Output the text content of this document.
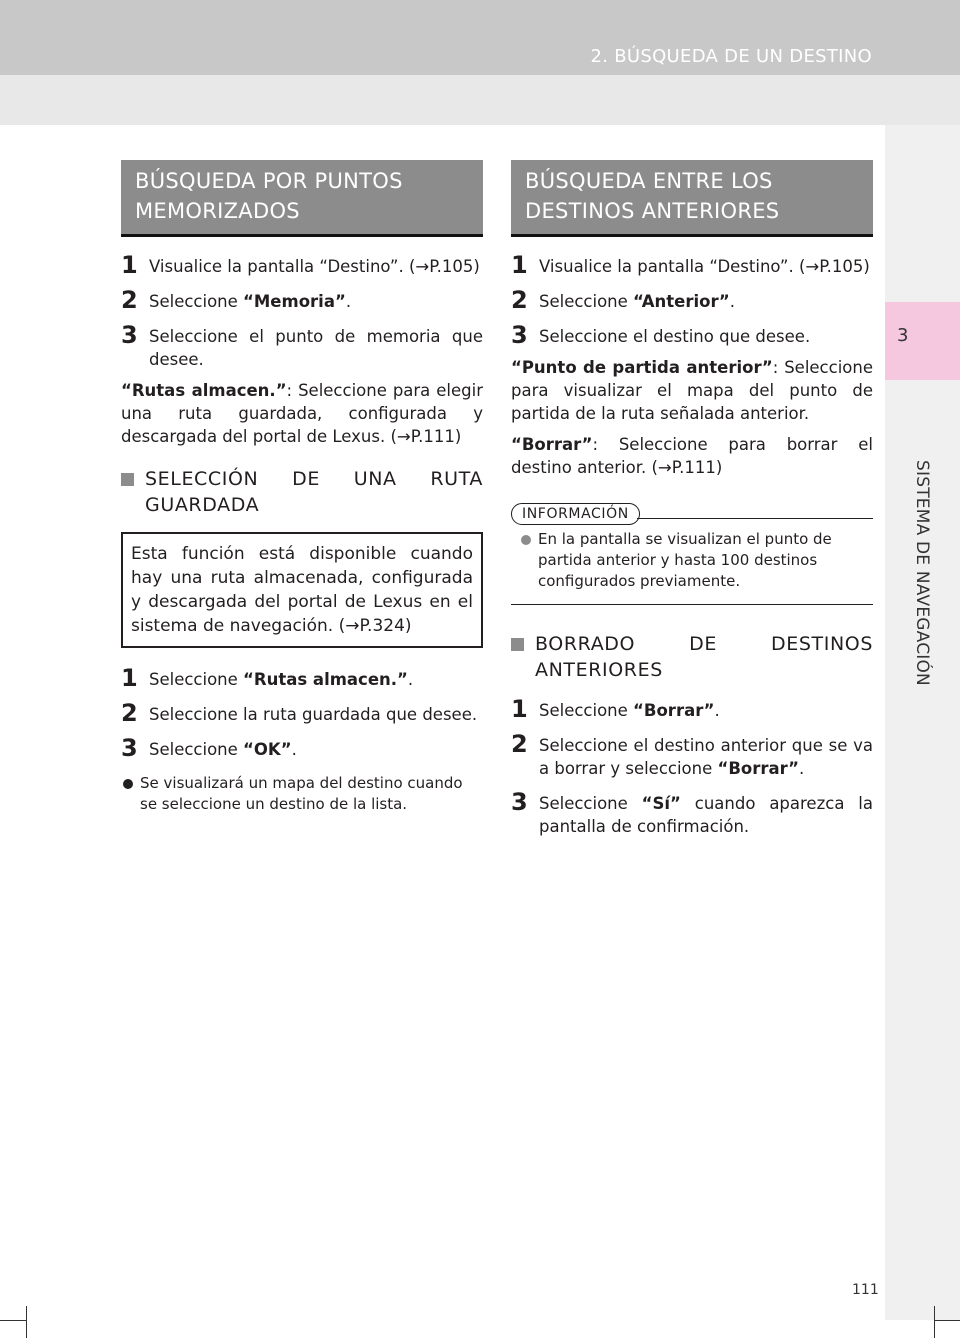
2. BÚSQUEDA DE UN DESTINO
3
SISTEMA DE NAVEGACIÓN
111
BÚSQUEDA POR PUNTOS
MEMORIZADOS
1 Visualice la pantalla “Destino”. (→P.105)
2 Seleccione “Memoria”.
3 Seleccione el punto de memoria que desee.
“Rutas almacen.”: Seleccione para elegir una ruta guardada, configurada y descargada del portal de Lexus. (→P.111)
SELECCIÓN DE UNA RUTA GUARDADA
Esta función está disponible cuando hay una ruta almacenada, configurada y descargada del portal de Lexus en el sistema de navegación. (→P.324)
1 Seleccione “Rutas almacen.”.
2 Seleccione la ruta guardada que desee.
3 Seleccione “OK”.
Se visualizará un mapa del destino cuando se seleccione un destino de la lista.
BÚSQUEDA ENTRE LOS
DESTINOS ANTERIORES
1 Visualice la pantalla “Destino”. (→P.105)
2 Seleccione “Anterior”.
3 Seleccione el destino que desee.
“Punto de partida anterior”: Seleccione para visualizar el mapa del punto de partida de la ruta señalada anterior.
“Borrar”: Seleccione para borrar el destino anterior. (→P.111)
INFORMACIÓN
En la pantalla se visualizan el punto de partida anterior y hasta 100 destinos configurados previamente.
BORRADO DE DESTINOS ANTERIORES
1 Seleccione “Borrar”.
2 Seleccione el destino anterior que se va a borrar y seleccione “Borrar”.
3 Seleccione “Sí” cuando aparezca la pantalla de confirmación.
